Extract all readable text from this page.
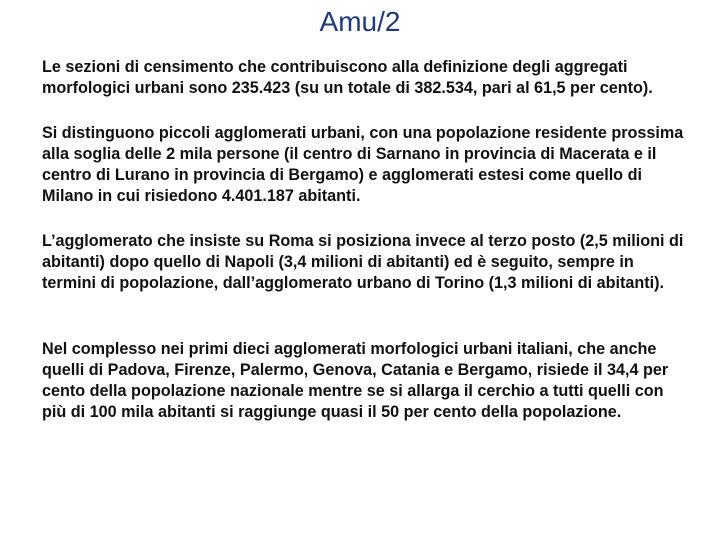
Amu/2

Le sezioni di censimento che contribuiscono alla definizione degli aggregati morfologici urbani sono 235.423 (su un totale di 382.534, pari al 61,5 per cento).

Si distinguono piccoli agglomerati urbani, con una popolazione residente prossima alla soglia delle 2 mila persone (il centro di Sarnano in provincia di Macerata e il centro di Lurano in provincia di Bergamo) e agglomerati estesi come quello di Milano in cui risiedono 4.401.187 abitanti.

L’agglomerato che insiste su Roma si posiziona invece al terzo posto (2,5 milioni di abitanti) dopo quello di Napoli (3,4 milioni di abitanti) ed è seguito, sempre in termini di popolazione, dall’agglomerato urbano di Torino (1,3 milioni di abitanti).

Nel complesso nei primi dieci agglomerati morfologici urbani italiani, che anche quelli di Padova, Firenze, Palermo, Genova, Catania e Bergamo, risiede il 34,4 per cento della popolazione nazionale mentre se si allarga il cerchio a tutti quelli con più di 100 mila abitanti si raggiunge quasi il 50 per cento della popolazione.
